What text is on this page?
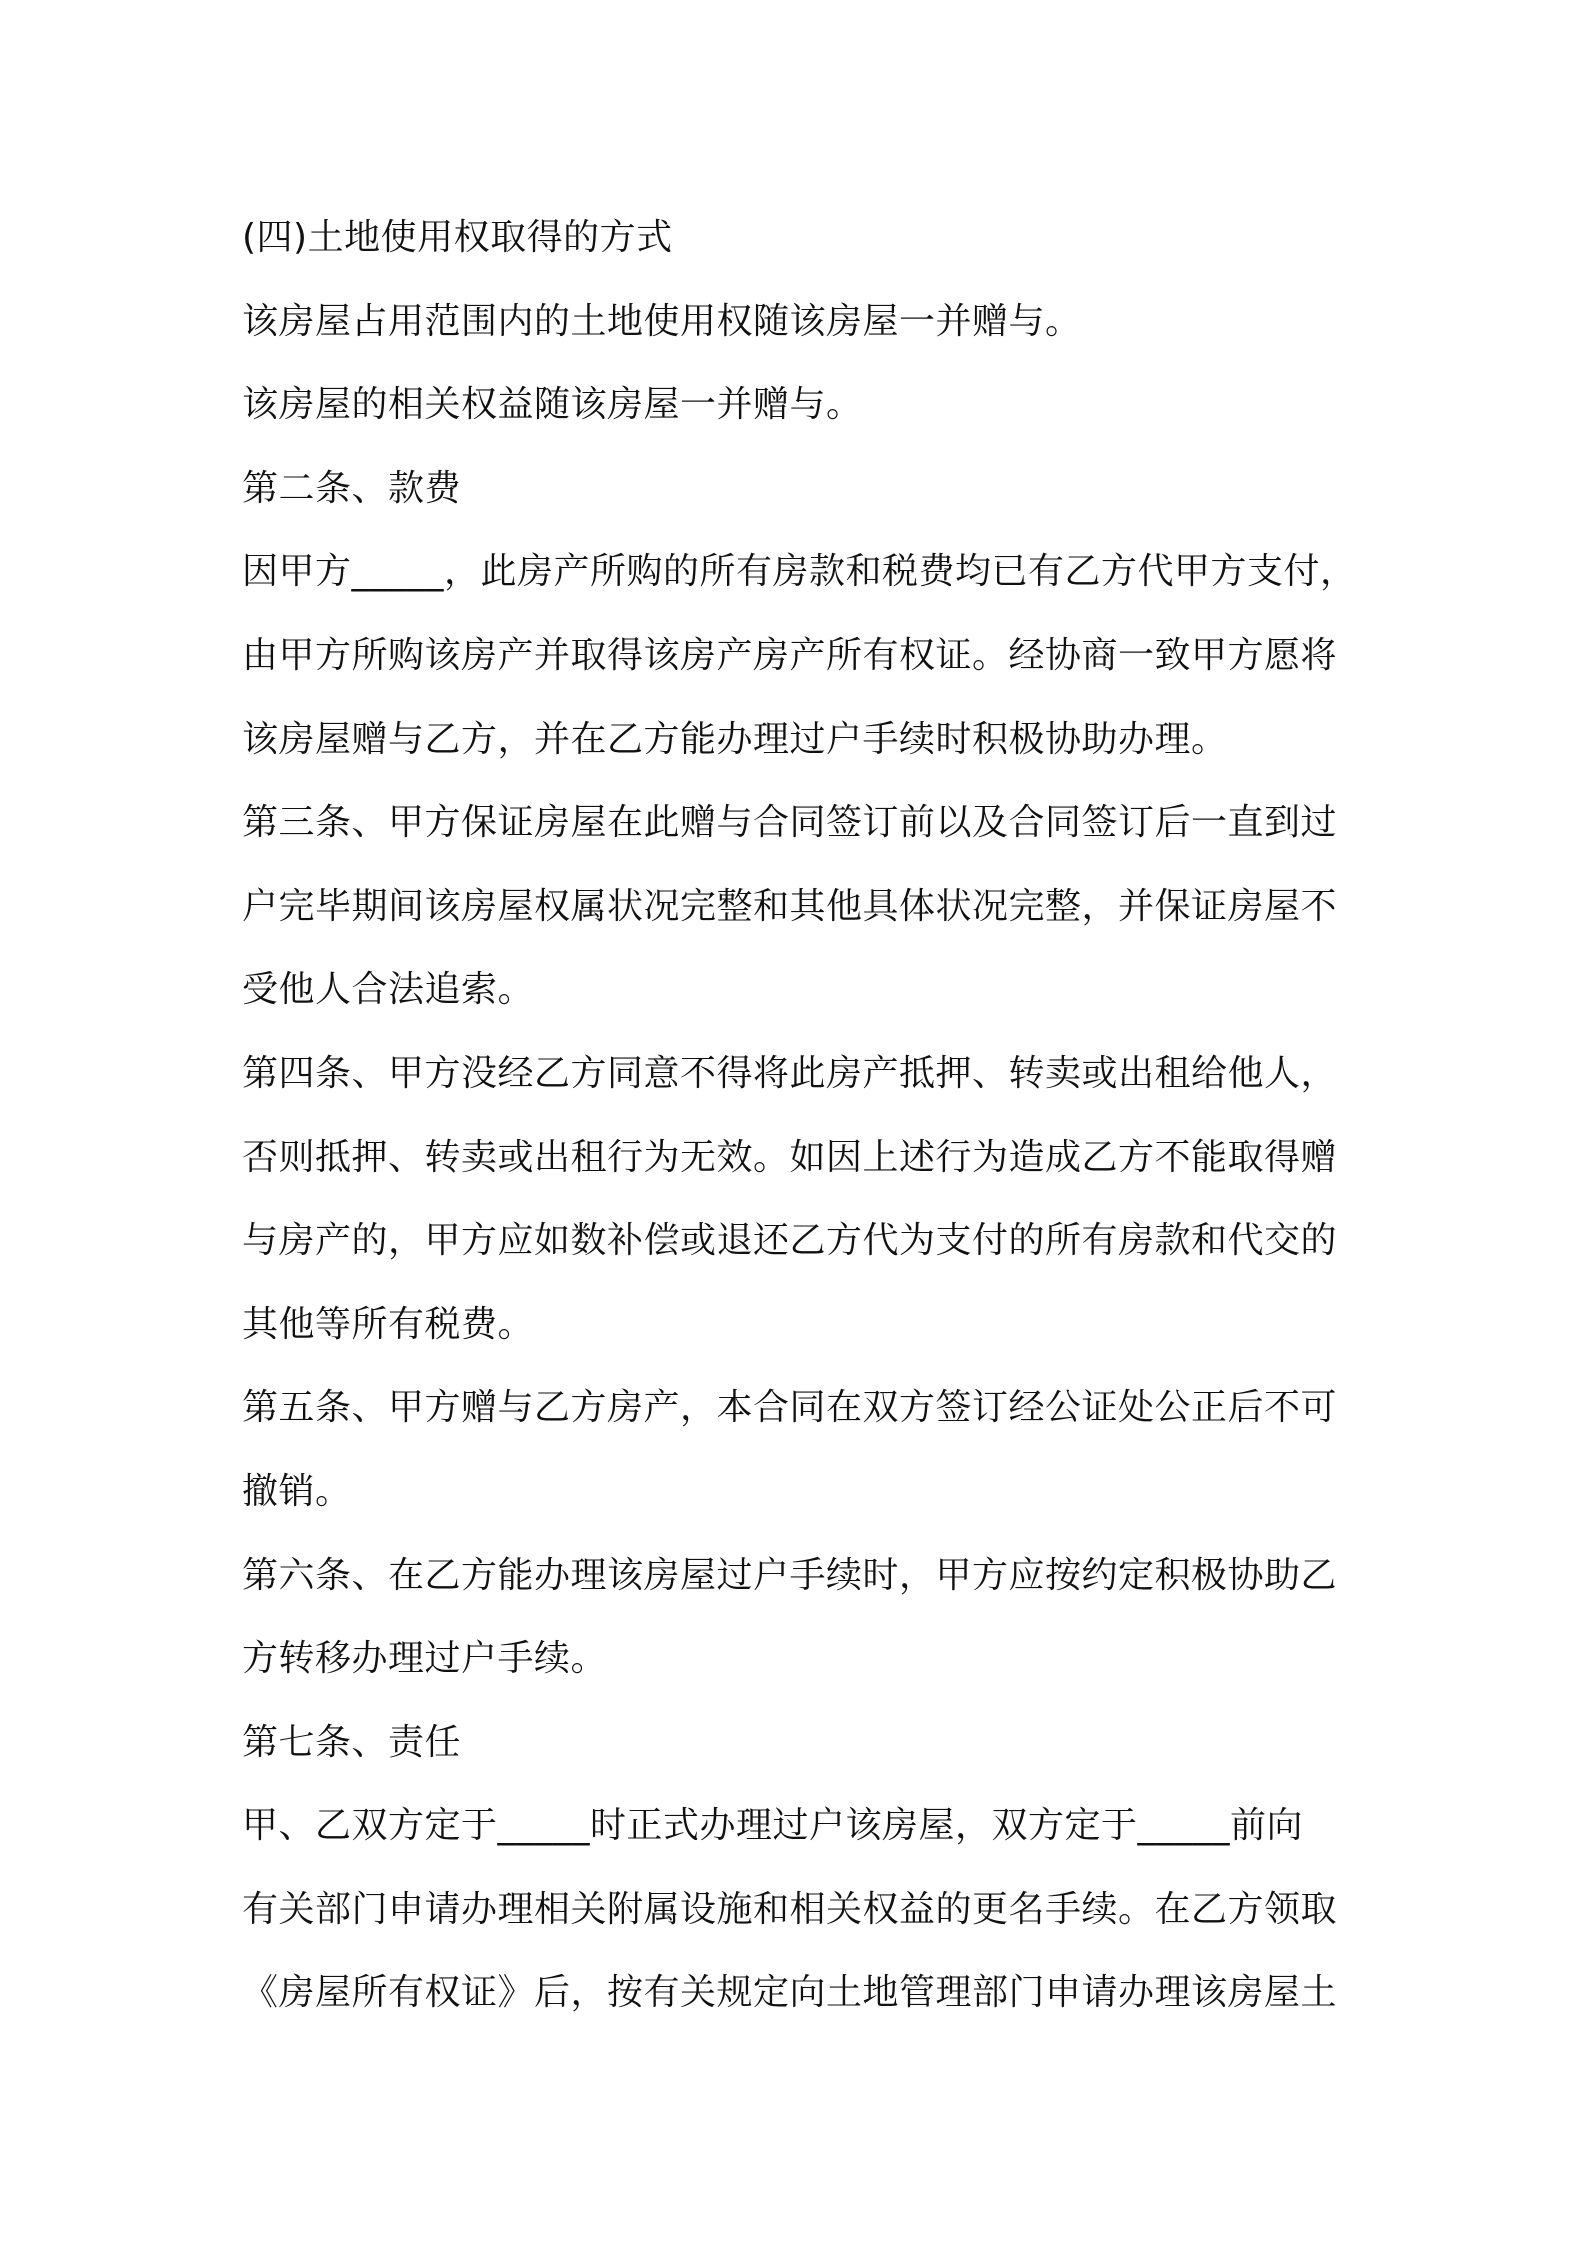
(四)土地使用权取得的方式
该房屋占用范围内的土地使用权随该房屋一并赠与。
该房屋的相关权益随该房屋一并赠与。
第二条、款费
因甲方_____，此房产所购的所有房款和税费均已有乙方代甲方支付，
由甲方所购该房产并取得该房产房产所有权证。经协商一致甲方愿将
该房屋赠与乙方，并在乙方能办理过户手续时积极协助办理。
第三条、甲方保证房屋在此赠与合同签订前以及合同签订后一直到过
户完毕期间该房屋权属状况完整和其他具体状况完整，并保证房屋不
受他人合法追索。
第四条、甲方没经乙方同意不得将此房产抵押、转卖或出租给他人，
否则抵押、转卖或出租行为无效。如因上述行为造成乙方不能取得赠
与房产的，甲方应如数补偿或退还乙方代为支付的所有房款和代交的
其他等所有税费。
第五条、甲方赠与乙方房产，本合同在双方签订经公证处公正后不可
撤销。
第六条、在乙方能办理该房屋过户手续时，甲方应按约定积极协助乙
方转移办理过户手续。
第七条、责任
甲、乙双方定于_____时正式办理过户该房屋，双方定于_____前向
有关部门申请办理相关附属设施和相关权益的更名手续。在乙方领取
《房屋所有权证》后，按有关规定向土地管理部门申请办理该房屋土
